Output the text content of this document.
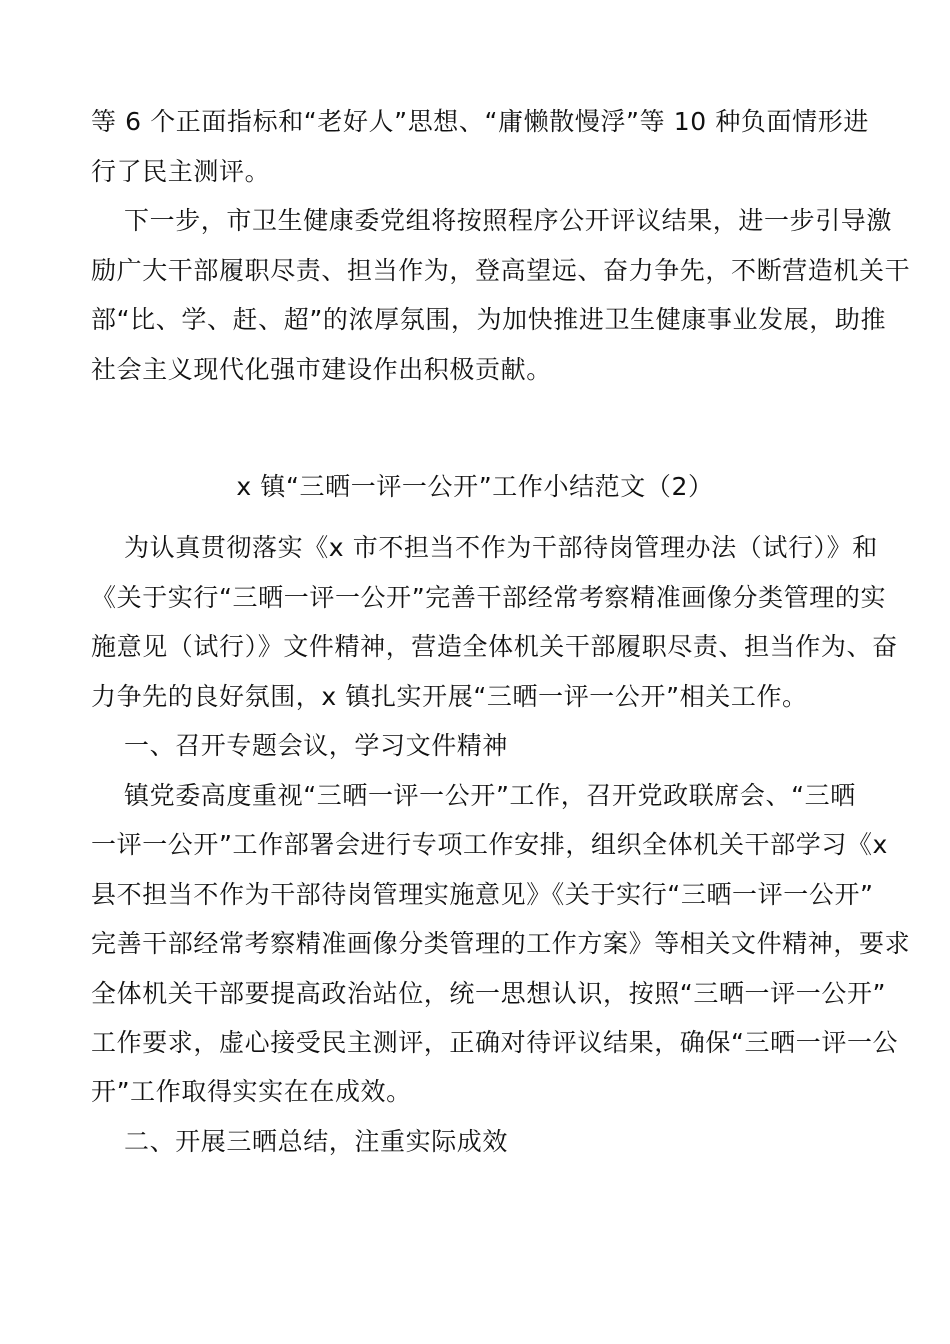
等 6 个正面指标和“老好人”思想、“庸懒散慢浮”等 10 种负面情形进
行了民主测评。
下一步，市卫生健康委党组将按照程序公开评议结果，进一步引导激
励广大干部履职尽责、担当作为，登高望远、奋力争先，不断营造机关干
部“比、学、赶、超”的浓厚氛围，为加快推进卫生健康事业发展，助推
社会主义现代化强市建设作出积极贡献。
x 镇“三晒一评一公开”工作小结范文（2）
为认真贯彻落实《x 市不担当不作为干部待岗管理办法（试行）》和
《关于实行“三晒一评一公开”完善干部经常考察精准画像分类管理的实
施意见（试行）》文件精神，营造全体机关干部履职尽责、担当作为、奋
力争先的良好氛围，x 镇扎实开展“三晒一评一公开”相关工作。
一、召开专题会议，学习文件精神
镇党委高度重视“三晒一评一公开”工作，召开党政联席会、“三晒
一评一公开”工作部署会进行专项工作安排，组织全体机关干部学习《x
县不担当不作为干部待岗管理实施意见》《关于实行“三晒一评一公开”
完善干部经常考察精准画像分类管理的工作方案》等相关文件精神，要求
全体机关干部要提高政治站位，统一思想认识，按照“三晒一评一公开”
工作要求，虚心接受民主测评，正确对待评议结果，确保“三晒一评一公
开”工作取得实实在在成效。
二、开展三晒总结，注重实际成效
